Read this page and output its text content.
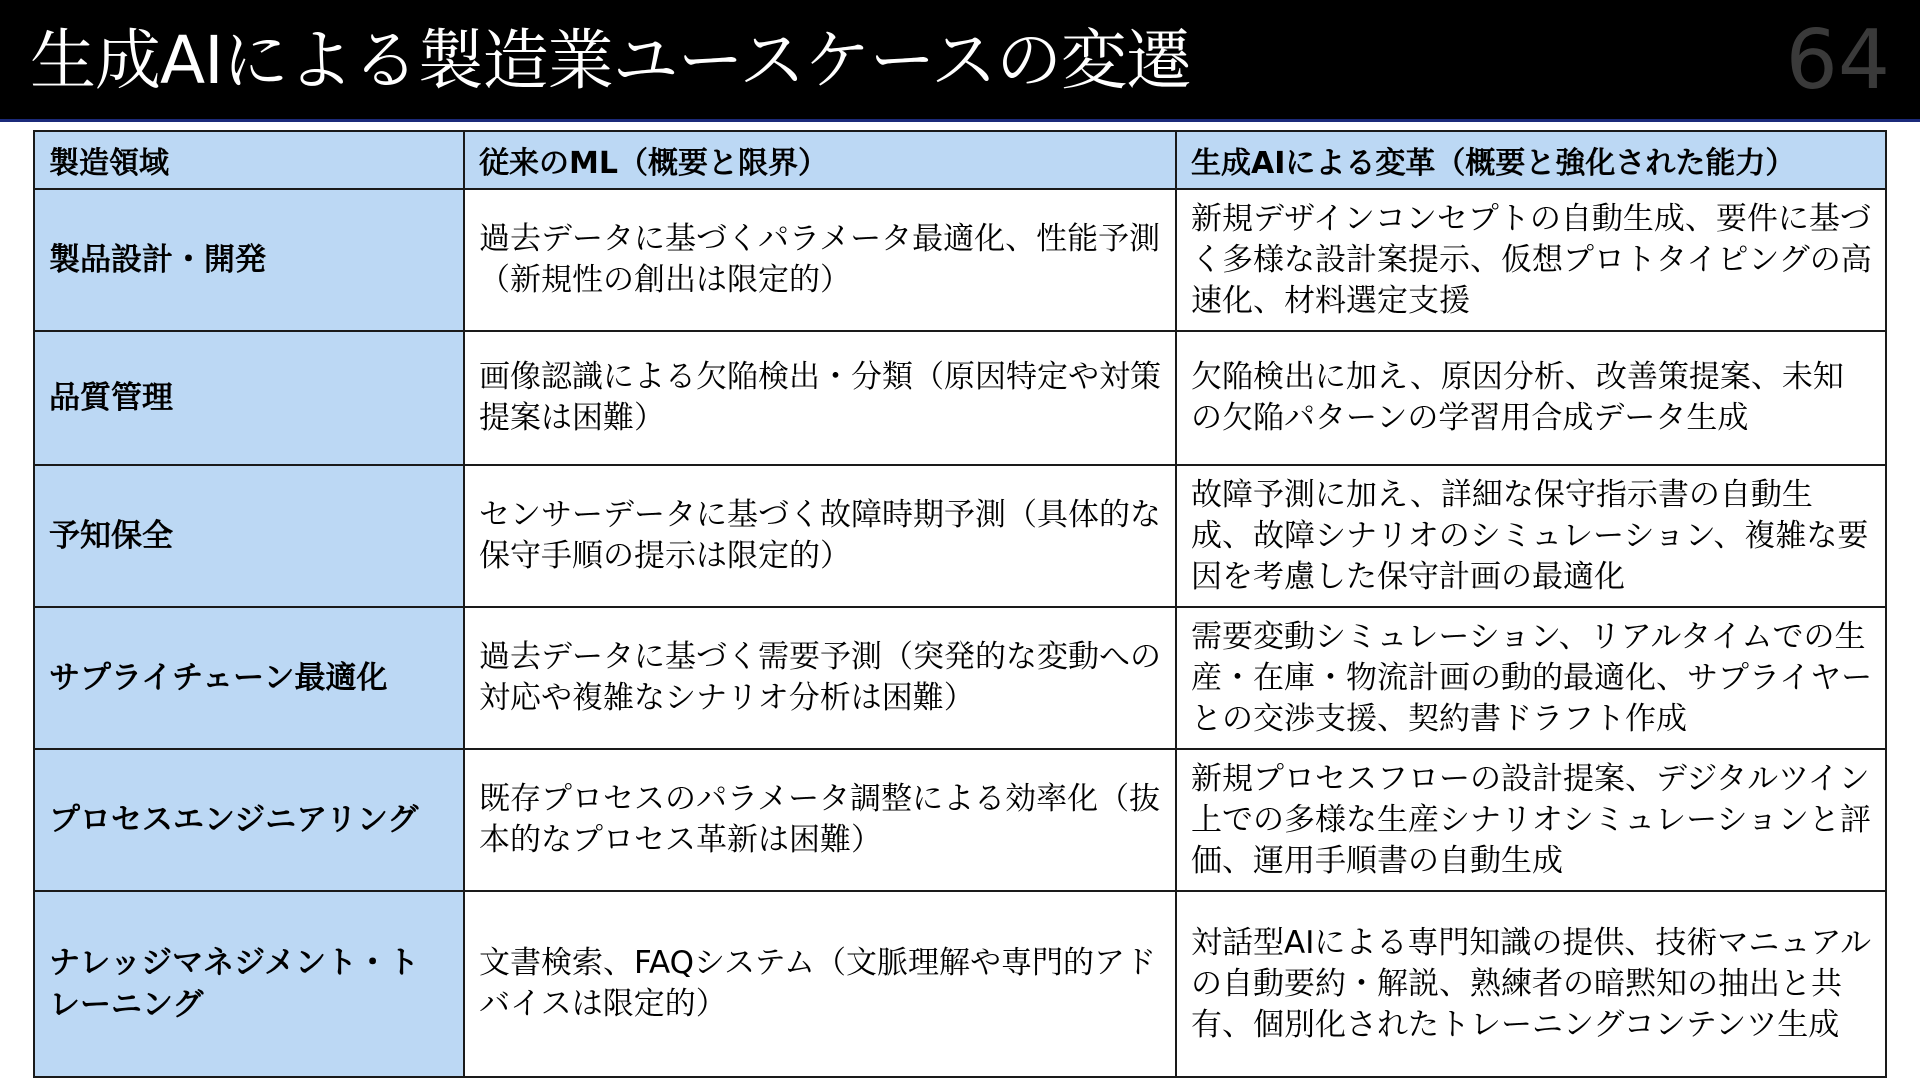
生成AIによる製造業ユースケースの変遷	64
製造領域	従来のML（概要と限界）	生成AIによる変革（概要と強化された能力）
製品設計・開発	過去データに基づくパラメータ最適化、性能予測（新規性の創出は限定的）	新規デザインコンセプトの自動生成、要件に基づく多様な設計案提示、仮想プロトタイピングの高速化、材料選定支援
品質管理	画像認識による欠陥検出・分類（原因特定や対策提案は困難）	欠陥検出に加え、原因分析、改善策提案、未知の欠陥パターンの学習用合成データ生成
予知保全	センサーデータに基づく故障時期予測（具体的な保守手順の提示は限定的）	故障予測に加え、詳細な保守指示書の自動生成、故障シナリオのシミュレーション、複雑な要因を考慮した保守計画の最適化
サプライチェーン最適化	過去データに基づく需要予測（突発的な変動への対応や複雑なシナリオ分析は困難）	需要変動シミュレーション、リアルタイムでの生産・在庫・物流計画の動的最適化、サプライヤーとの交渉支援、契約書ドラフト作成
プロセスエンジニアリング	既存プロセスのパラメータ調整による効率化（抜本的なプロセス革新は困難）	新規プロセスフローの設計提案、デジタルツイン上での多様な生産シナリオシミュレーションと評価、運用手順書の自動生成
ナレッジマネジメント・トレーニング	文書検索、FAQシステム（文脈理解や専門的アドバイスは限定的）	対話型AIによる専門知識の提供、技術マニュアルの自動要約・解説、熟練者の暗黙知の抽出と共有、個別化されたトレーニングコンテンツ生成
